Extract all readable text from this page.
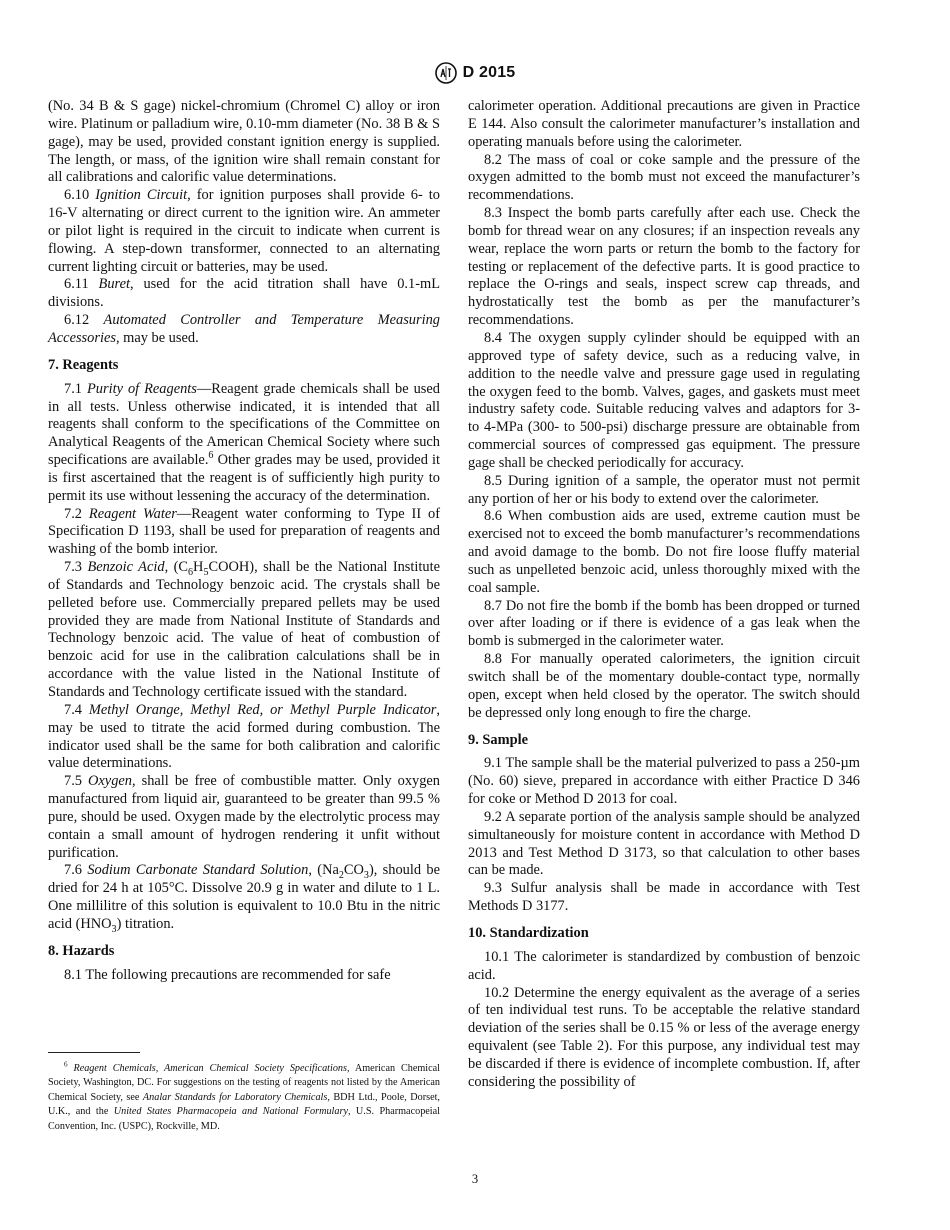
D 2015

(No. 34 B & S gage) nickel-chromium (Chromel C) alloy or iron wire. Platinum or palladium wire, 0.10-mm diameter (No. 38 B & S gage), may be used, provided constant ignition energy is supplied. The length, or mass, of the ignition wire shall remain constant for all calibrations and calorific value determinations.

6.10 Ignition Circuit, for ignition purposes shall provide 6- to 16-V alternating or direct current to the ignition wire. An ammeter or pilot light is required in the circuit to indicate when current is flowing. A step-down transformer, connected to an alternating current lighting circuit or batteries, may be used.

6.11 Buret, used for the acid titration shall have 0.1-mL divisions.

6.12 Automated Controller and Temperature Measuring Accessories, may be used.

7. Reagents

7.1 Purity of Reagents—Reagent grade chemicals shall be used in all tests. Unless otherwise indicated, it is intended that all reagents shall conform to the specifications of the Committee on Analytical Reagents of the American Chemical Society where such specifications are available.$^6$ Other grades may be used, provided it is first ascertained that the reagent is of sufficiently high purity to permit its use without lessening the accuracy of the determination.

7.2 Reagent Water—Reagent water conforming to Type II of Specification D 1193, shall be used for preparation of reagents and washing of the bomb interior.

7.3 Benzoic Acid, $(C_6H_5COOH)$, shall be the National Institute of Standards and Technology benzoic acid. The crystals shall be pelleted before use. Commercially prepared pellets may be used provided they are made from National Institute of Standards and Technology benzoic acid. The value of heat of combustion of benzoic acid for use in the calibration calculations shall be in accordance with the value listed in the National Institute of Standards and Technology certificate issued with the standard.

7.4 Methyl Orange, Methyl Red, or Methyl Purple Indicator, may be used to titrate the acid formed during combustion. The indicator used shall be the same for both calibration and calorific value determinations.

7.5 Oxygen, shall be free of combustible matter. Only oxygen manufactured from liquid air, guaranteed to be greater than 99.5 % pure, should be used. Oxygen made by the electrolytic process may contain a small amount of hydrogen rendering it unfit without purification.

7.6 Sodium Carbonate Standard Solution, $(Na_2CO_3)$, should be dried for 24 h at 105°C. Dissolve 20.9 g in water and dilute to 1 L. One millilitre of this solution is equivalent to 10.0 Btu in the nitric acid $(HNO_3)$ titration.

8. Hazards

8.1 The following precautions are recommended for safe

$^6$ Reagent Chemicals, American Chemical Society Specifications, American Chemical Society, Washington, DC. For suggestions on the testing of reagents not listed by the American Chemical Society, see Analar Standards for Laboratory Chemicals, BDH Ltd., Poole, Dorset, U.K., and the United States Pharmacopeia and National Formulary, U.S. Pharmacopeial Convention, Inc. (USPC), Rockville, MD.

calorimeter operation. Additional precautions are given in Practice E 144. Also consult the calorimeter manufacturer’s installation and operating manuals before using the calorimeter.

8.2 The mass of coal or coke sample and the pressure of the oxygen admitted to the bomb must not exceed the manufacturer’s recommendations.

8.3 Inspect the bomb parts carefully after each use. Check the bomb for thread wear on any closures; if an inspection reveals any wear, replace the worn parts or return the bomb to the factory for testing or replacement of the defective parts. It is good practice to replace the O-rings and seals, inspect screw cap threads, and hydrostatically test the bomb as per the manufacturer’s recommendations.

8.4 The oxygen supply cylinder should be equipped with an approved type of safety device, such as a reducing valve, in addition to the needle valve and pressure gage used in regulating the oxygen feed to the bomb. Valves, gages, and gaskets must meet industry safety code. Suitable reducing valves and adaptors for 3- to 4-MPa (300- to 500-psi) discharge pressure are obtainable from commercial sources of compressed gas equipment. The pressure gage shall be checked periodically for accuracy.

8.5 During ignition of a sample, the operator must not permit any portion of her or his body to extend over the calorimeter.

8.6 When combustion aids are used, extreme caution must be exercised not to exceed the bomb manufacturer’s recommendations and avoid damage to the bomb. Do not fire loose fluffy material such as unpelleted benzoic acid, unless thoroughly mixed with the coal sample.

8.7 Do not fire the bomb if the bomb has been dropped or turned over after loading or if there is evidence of a gas leak when the bomb is submerged in the calorimeter water.

8.8 For manually operated calorimeters, the ignition circuit switch shall be of the momentary double-contact type, normally open, except when held closed by the operator. The switch should be depressed only long enough to fire the charge.

9. Sample

9.1 The sample shall be the material pulverized to pass a 250-µm (No. 60) sieve, prepared in accordance with either Practice D 346 for coke or Method D 2013 for coal.

9.2 A separate portion of the analysis sample should be analyzed simultaneously for moisture content in accordance with Method D 2013 and Test Method D 3173, so that calculation to other bases can be made.

9.3 Sulfur analysis shall be made in accordance with Test Methods D 3177.

10. Standardization

10.1 The calorimeter is standardized by combustion of benzoic acid.

10.2 Determine the energy equivalent as the average of a series of ten individual test runs. To be acceptable the relative standard deviation of the series shall be 0.15 % or less of the average energy equivalent (see Table 2). For this purpose, any individual test may be discarded if there is evidence of incomplete combustion. If, after considering the possibility of

3
